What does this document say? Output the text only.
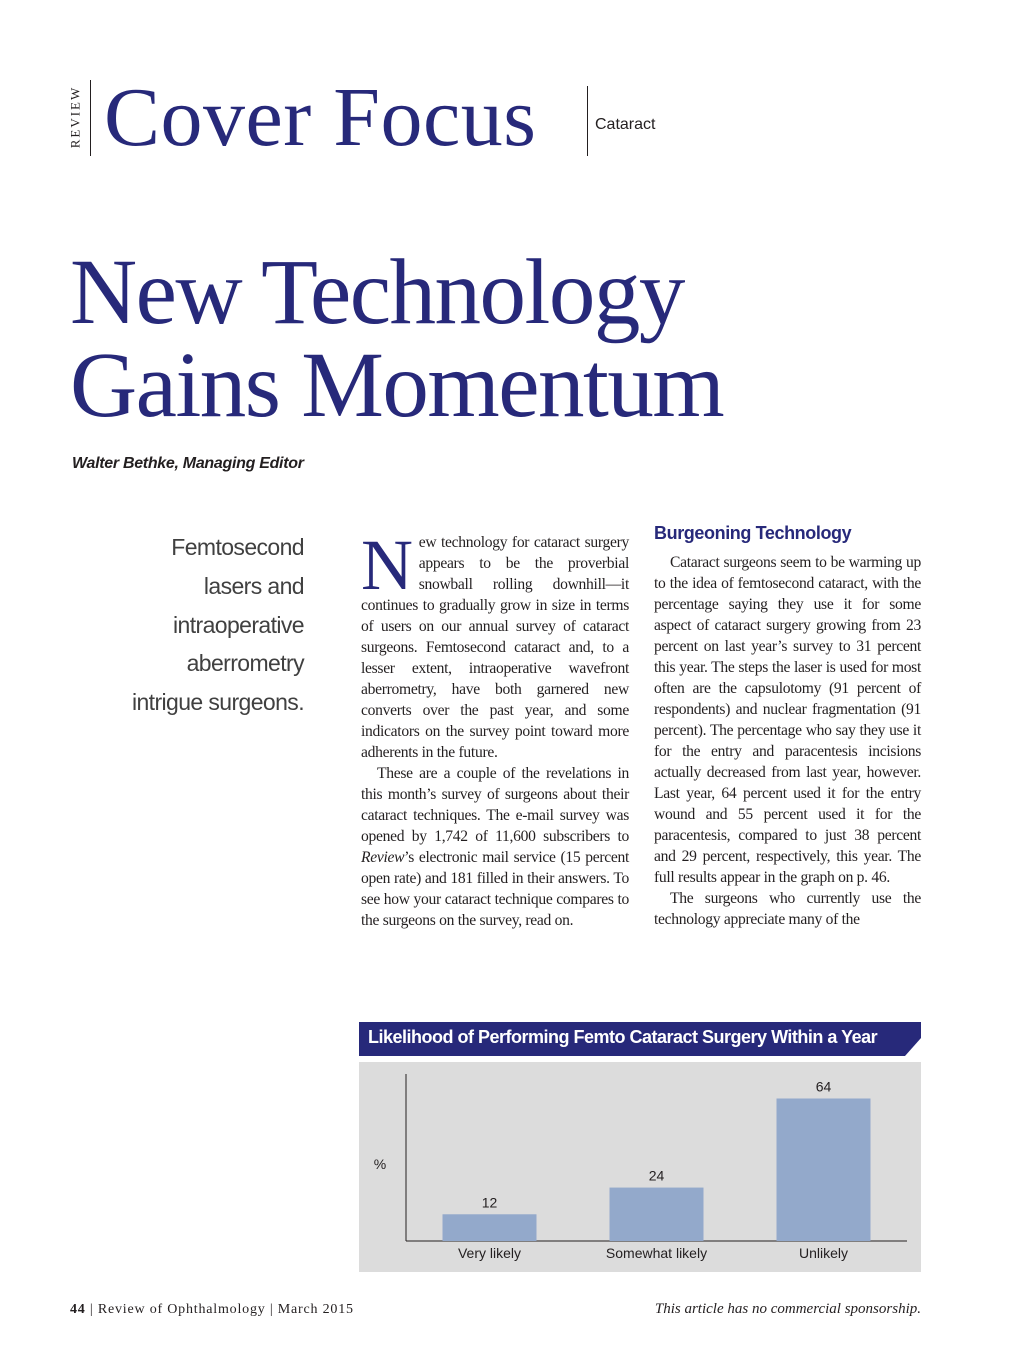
REVIEW Cover Focus	Cataract
New Technology
Gains Momentum
Walter Bethke, Managing Editor
Femtosecond
lasers and
intraoperative
aberrometry
intrigue surgeons.

New technology for cataract surgery appears to be the proverbial snowball rolling downhill—it continues to gradually grow in size in terms of users on our annual survey of cataract surgeons. Femtosecond cataract and, to a lesser extent, intraoperative wavefront aberrometry, have both garnered new converts over the past year, and some indicators on the survey point toward more adherents in the future.

These are a couple of the revelations in this month’s survey of surgeons about their cataract techniques. The e-mail survey was opened by 1,742 of 11,600 subscribers to Review’s electronic mail service (15 percent open rate) and 181 filled in their answers. To see how your cataract technique compares to the surgeons on the survey, read on.

Burgeoning Technology

Cataract surgeons seem to be warming up to the idea of femtosecond cataract, with the percentage saying they use it for some aspect of cataract surgery growing from 23 percent on last year’s survey to 31 percent this year. The steps the laser is used for most often are the capsulotomy (91 percent of respondents) and nuclear fragmentation (91 percent). The percentage who say they use it for the entry and paracentesis incisions actually decreased from last year, however. Last year, 64 percent used it for the entry wound and 55 percent used it for the paracentesis, compared to just 38 percent and 29 percent, respectively, this year. The full results appear in the graph on p. 46.

The surgeons who currently use the technology appreciate many of the

Likelihood of Performing Femto Cataract Surgery Within a Year
%
12
Very likely
24
Somewhat likely
64
Unlikely
44 | Review of Ophthalmology | March 2015	This article has no commercial sponsorship.
